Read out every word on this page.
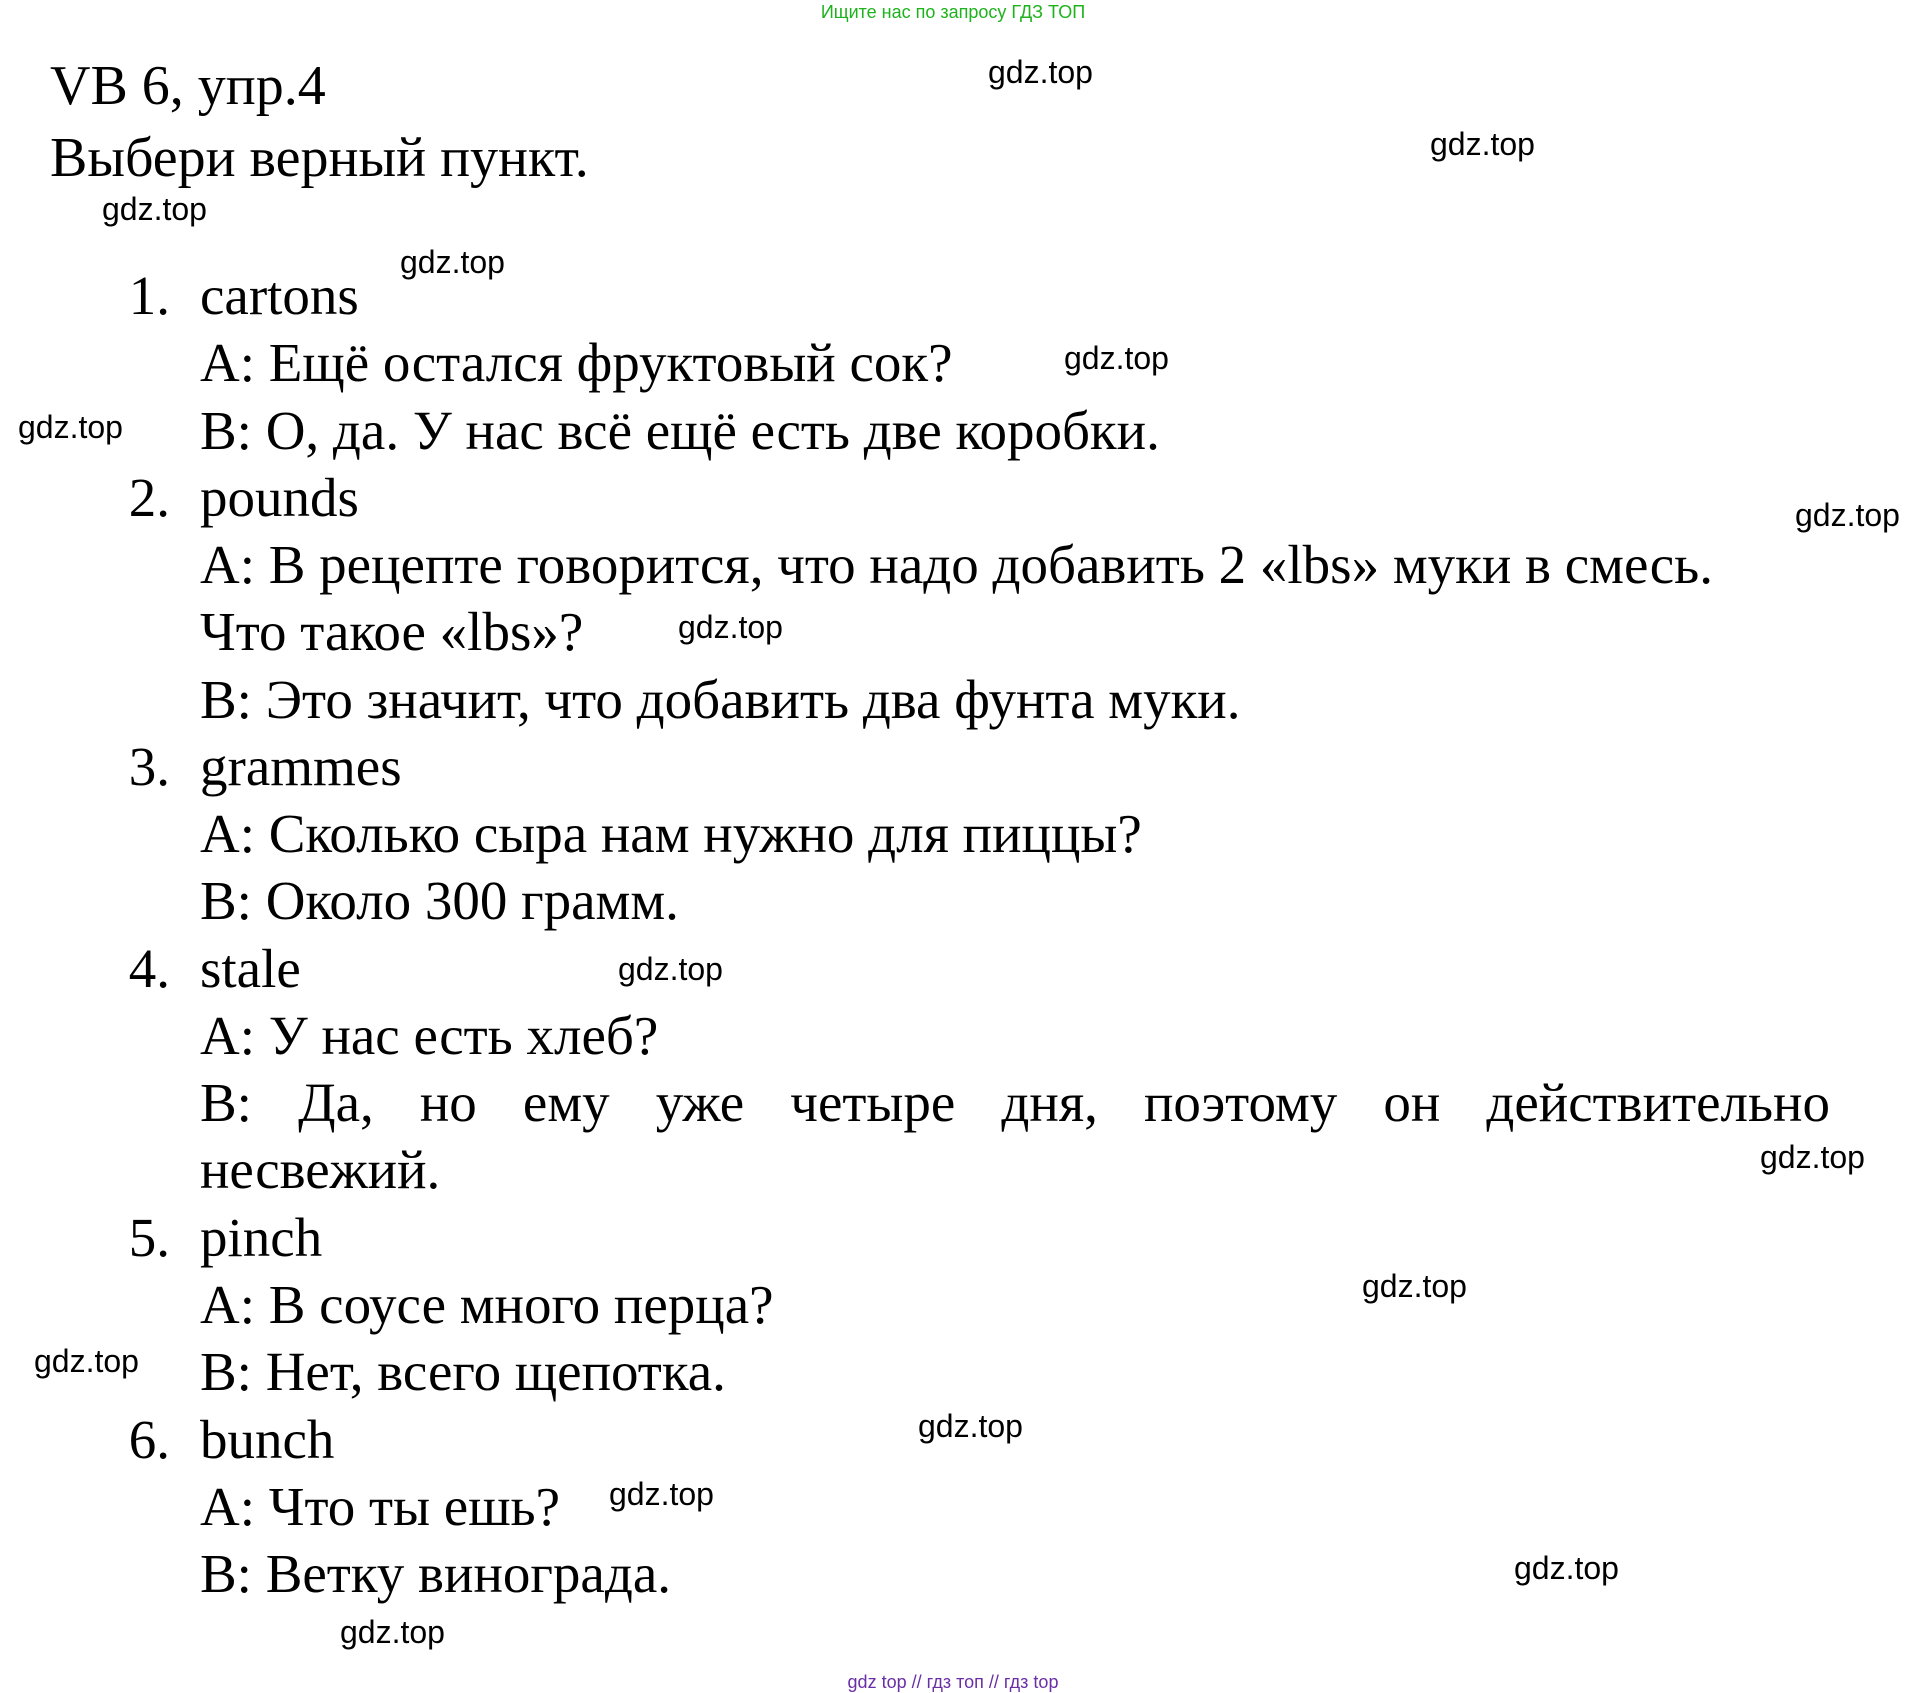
Ищите нас по запросу ГДЗ ТОП
VB 6, упр.4
Выбери верный пункт.
1. cartons
A: Ещё остался фруктовый сок?
B: О, да. У нас всё ещё есть две коробки.
2. pounds
A: В рецепте говорится, что надо добавить 2 «lbs» муки в смесь.
Что такое «lbs»?
B: Это значит, что добавить два фунта муки.
3. grammes
A: Сколько сыра нам нужно для пиццы?
B: Около 300 грамм.
4. stale
A: У нас есть хлеб?
B: Да, но ему уже четыре дня, поэтому он действительно
несвежий.
5. pinch
A: В соусе много перца?
B: Нет, всего щепотка.
6. bunch
A: Что ты ешь?
B: Ветку винограда.
gdz.top
gdz.top
gdz.top
gdz.top
gdz.top
gdz.top
gdz.top
gdz.top
gdz.top
gdz.top
gdz.top
gdz.top
gdz.top
gdz.top
gdz.top
gdz.top
gdz top // гдз топ // гдз top
